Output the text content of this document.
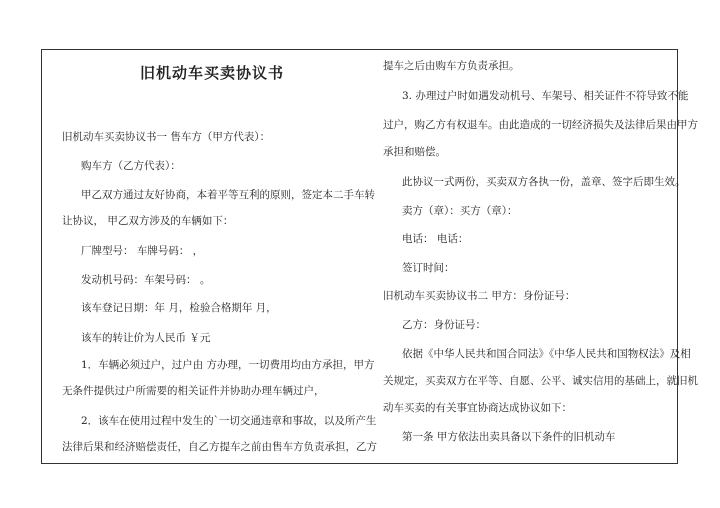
旧机动车买卖协议书
旧机动车买卖协议书一 售车方（甲方代表）：
购车方（乙方代表）：
甲乙双方通过友好协商，本着平等互利的原则，签定本二手车转
让协议， 甲乙双方涉及的车辆如下：
厂牌型号： 车牌号码： ，
发动机号码：车架号码： 。
该车登记日期：年 月，检验合格期年 月，
该车的转让价为人民币 ￥元
1．车辆必须过户，过户由 方办理，一切费用均由方承担，甲方
无条件提供过户所需要的相关证件并协助办理车辆过户，
2．该车在使用过程中发生的`一切交通违章和事故，以及所产生
法律后果和经济赔偿责任，自乙方提车之前由售车方负责承担，乙方
提车之后由购车方负责承担。
3. 办理过户时如遇发动机号、车架号、相关证件不符导致不能
过户，购乙方有权退车。由此造成的一切经济损失及法律后果由甲方
承担和赔偿。
此协议一式两份，买卖双方各执一份，盖章、签字后即生效。
卖方（章）：买方（章）：
电话： 电话：
签订时间：
旧机动车买卖协议书二 甲方：身份证号：
乙方：身份证号：
依据《中华人民共和国合同法》《中华人民共和国物权法》及相
关规定，买卖双方在平等、自愿、公平、诚实信用的基础上，就旧机
动车买卖的有关事宜协商达成协议如下：
第一条 甲方依法出卖具备以下条件的旧机动车
